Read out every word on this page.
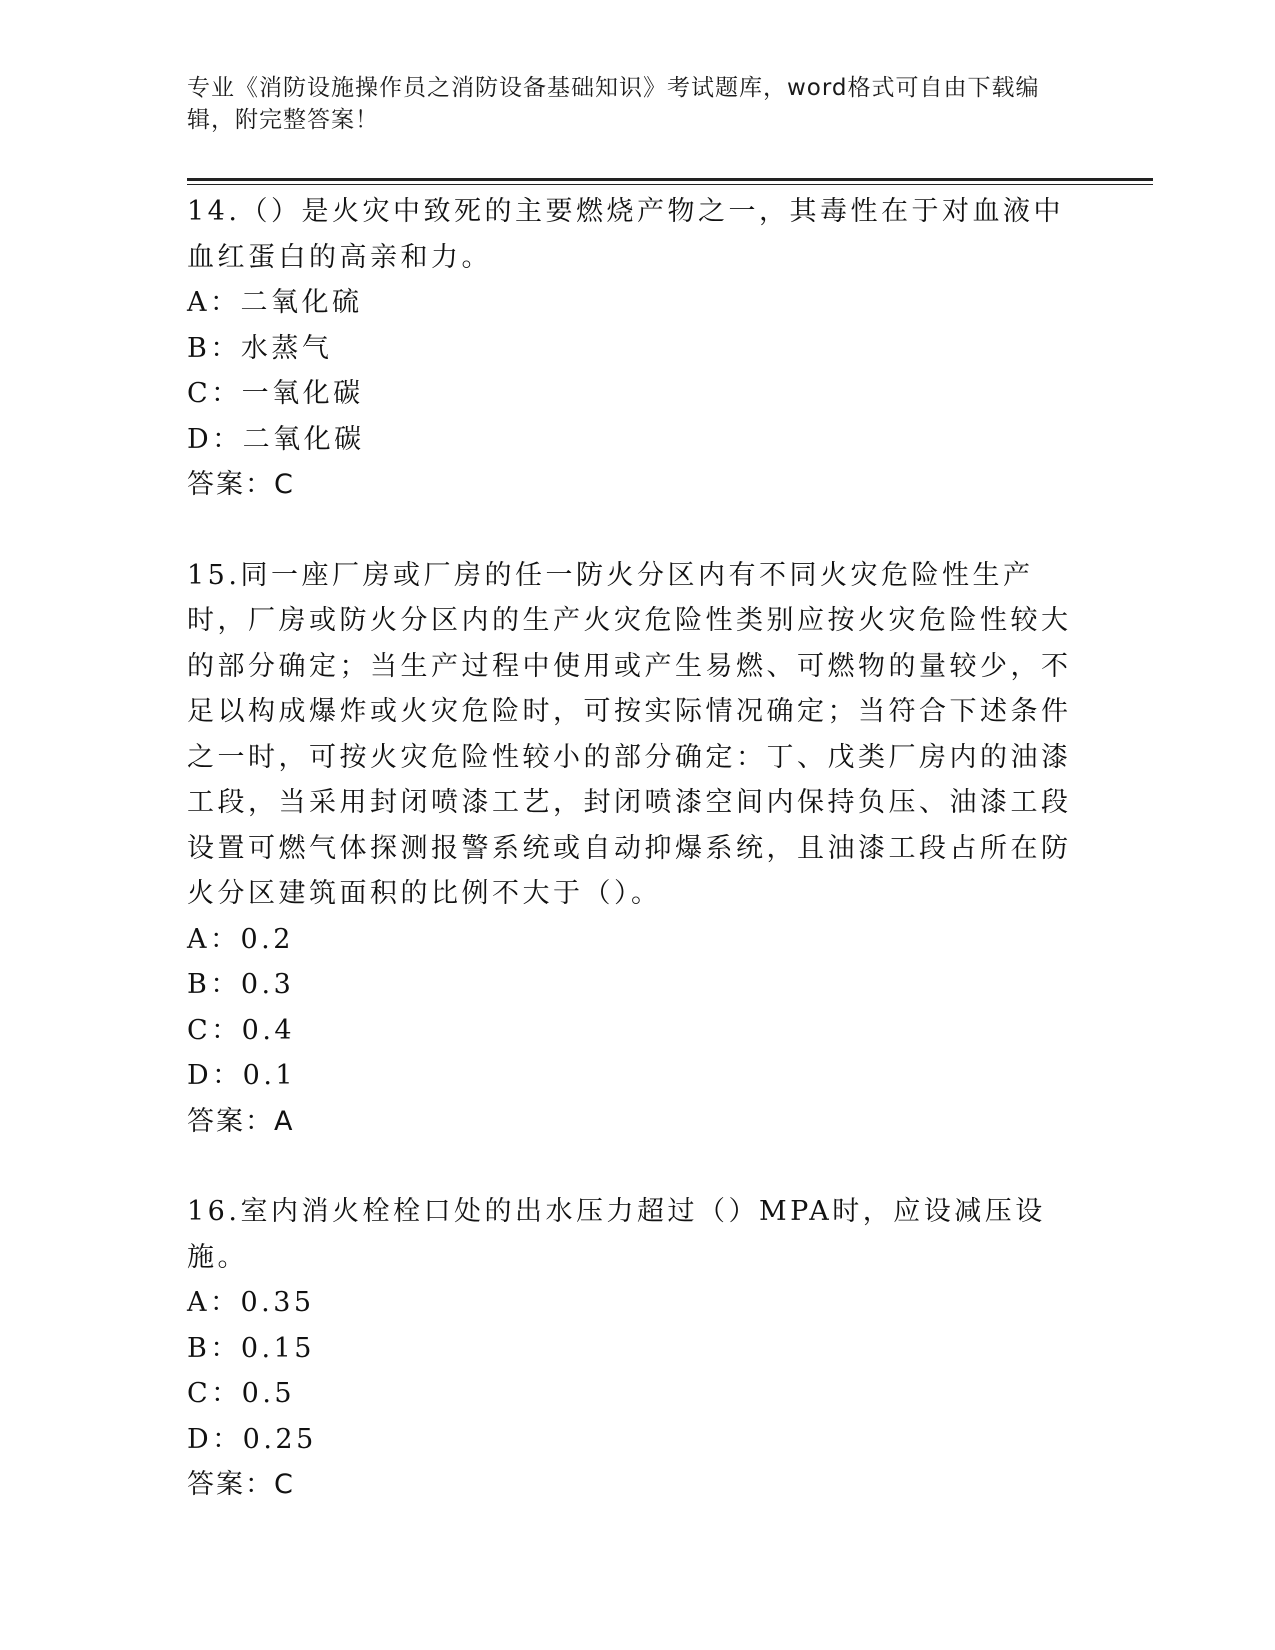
专业《消防设施操作员之消防设备基础知识》考试题库，word格式可自由下载编辑，附完整答案！

14.（）是火灾中致死的主要燃烧产物之一，其毒性在于对血液中血红蛋白的高亲和力。

A：二氧化硫

B：水蒸气

C：一氧化碳

D：二氧化碳

答案：C

15.同一座厂房或厂房的任一防火分区内有不同火灾危险性生产时，厂房或防火分区内的生产火灾危险性类别应按火灾危险性较大的部分确定；当生产过程中使用或产生易燃、可燃物的量较少，不足以构成爆炸或火灾危险时，可按实际情况确定；当符合下述条件之一时，可按火灾危险性较小的部分确定：丁、戊类厂房内的油漆工段，当采用封闭喷漆工艺，封闭喷漆空间内保持负压、油漆工段设置可燃气体探测报警系统或自动抑爆系统，且油漆工段占所在防火分区建筑面积的比例不大于（）。

A：0.2

B：0.3

C：0.4

D：0.1

答案：A

16.室内消火栓栓口处的出水压力超过（）MPA时，应设减压设施。

A：0.35

B：0.15

C：0.5

D：0.25

答案：C
